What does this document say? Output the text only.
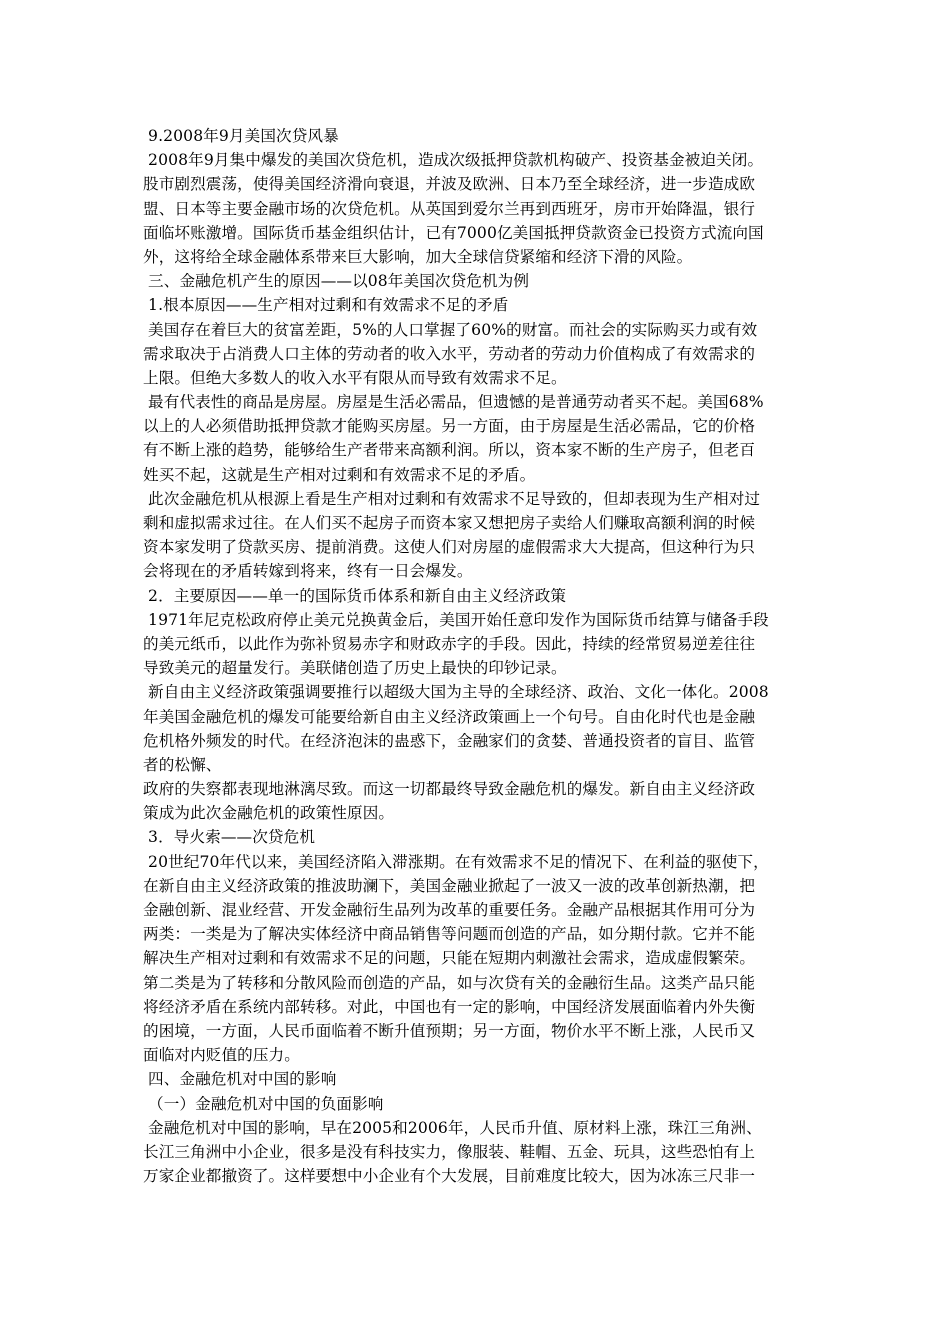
9.2008年9月美国次贷风暴
2008年9月集中爆发的美国次贷危机，造成次级抵押贷款机构破产、投资基金被迫关闭。
股市剧烈震荡，使得美国经济滑向衰退，并波及欧洲、日本乃至全球经济，进一步造成欧
盟、日本等主要金融市场的次贷危机。从英国到爱尔兰再到西班牙，房市开始降温，银行
面临坏账激增。国际货币基金组织估计，已有7000亿美国抵押贷款资金已投资方式流向国
外，这将给全球金融体系带来巨大影响，加大全球信贷紧缩和经济下滑的风险。
三、金融危机产生的原因——以08年美国次贷危机为例
1.根本原因——生产相对过剩和有效需求不足的矛盾
美国存在着巨大的贫富差距，5%的人口掌握了60%的财富。而社会的实际购买力或有效
需求取决于占消费人口主体的劳动者的收入水平，劳动者的劳动力价值构成了有效需求的
上限。但绝大多数人的收入水平有限从而导致有效需求不足。
最有代表性的商品是房屋。房屋是生活必需品，但遗憾的是普通劳动者买不起。美国68%
以上的人必须借助抵押贷款才能购买房屋。另一方面，由于房屋是生活必需品，它的价格
有不断上涨的趋势，能够给生产者带来高额利润。所以，资本家不断的生产房子，但老百
姓买不起，这就是生产相对过剩和有效需求不足的矛盾。
此次金融危机从根源上看是生产相对过剩和有效需求不足导致的，但却表现为生产相对过
剩和虚拟需求过往。在人们买不起房子而资本家又想把房子卖给人们赚取高额利润的时候
资本家发明了贷款买房、提前消费。这使人们对房屋的虚假需求大大提高，但这种行为只
会将现在的矛盾转嫁到将来，终有一日会爆发。
2．主要原因——单一的国际货币体系和新自由主义经济政策
1971年尼克松政府停止美元兑换黄金后，美国开始任意印发作为国际货币结算与储备手段
的美元纸币，以此作为弥补贸易赤字和财政赤字的手段。因此，持续的经常贸易逆差往往
导致美元的超量发行。美联储创造了历史上最快的印钞记录。
新自由主义经济政策强调要推行以超级大国为主导的全球经济、政治、文化一体化。2008
年美国金融危机的爆发可能要给新自由主义经济政策画上一个句号。自由化时代也是金融
危机格外频发的时代。在经济泡沫的蛊惑下，金融家们的贪婪、普通投资者的盲目、监管
者的松懈、
政府的失察都表现地淋漓尽致。而这一切都最终导致金融危机的爆发。新自由主义经济政
策成为此次金融危机的政策性原因。
3．导火索——次贷危机
20世纪70年代以来，美国经济陷入滞涨期。在有效需求不足的情况下、在利益的驱使下，
在新自由主义经济政策的推波助澜下，美国金融业掀起了一波又一波的改革创新热潮，把
金融创新、混业经营、开发金融衍生品列为改革的重要任务。金融产品根据其作用可分为
两类：一类是为了解决实体经济中商品销售等问题而创造的产品，如分期付款。它并不能
解决生产相对过剩和有效需求不足的问题，只能在短期内刺激社会需求，造成虚假繁荣。
第二类是为了转移和分散风险而创造的产品，如与次贷有关的金融衍生品。这类产品只能
将经济矛盾在系统内部转移。对此，中国也有一定的影响，中国经济发展面临着内外失衡
的困境，一方面，人民币面临着不断升值预期；另一方面，物价水平不断上涨，人民币又
面临对内贬值的压力。
四、金融危机对中国的影响
（一）金融危机对中国的负面影响
金融危机对中国的影响，早在2005和2006年，人民币升值、原材料上涨，珠江三角洲、
长江三角洲中小企业，很多是没有科技实力，像服装、鞋帽、五金、玩具，这些恐怕有上
万家企业都撤资了。这样要想中小企业有个大发展，目前难度比较大，因为冰冻三尺非一
